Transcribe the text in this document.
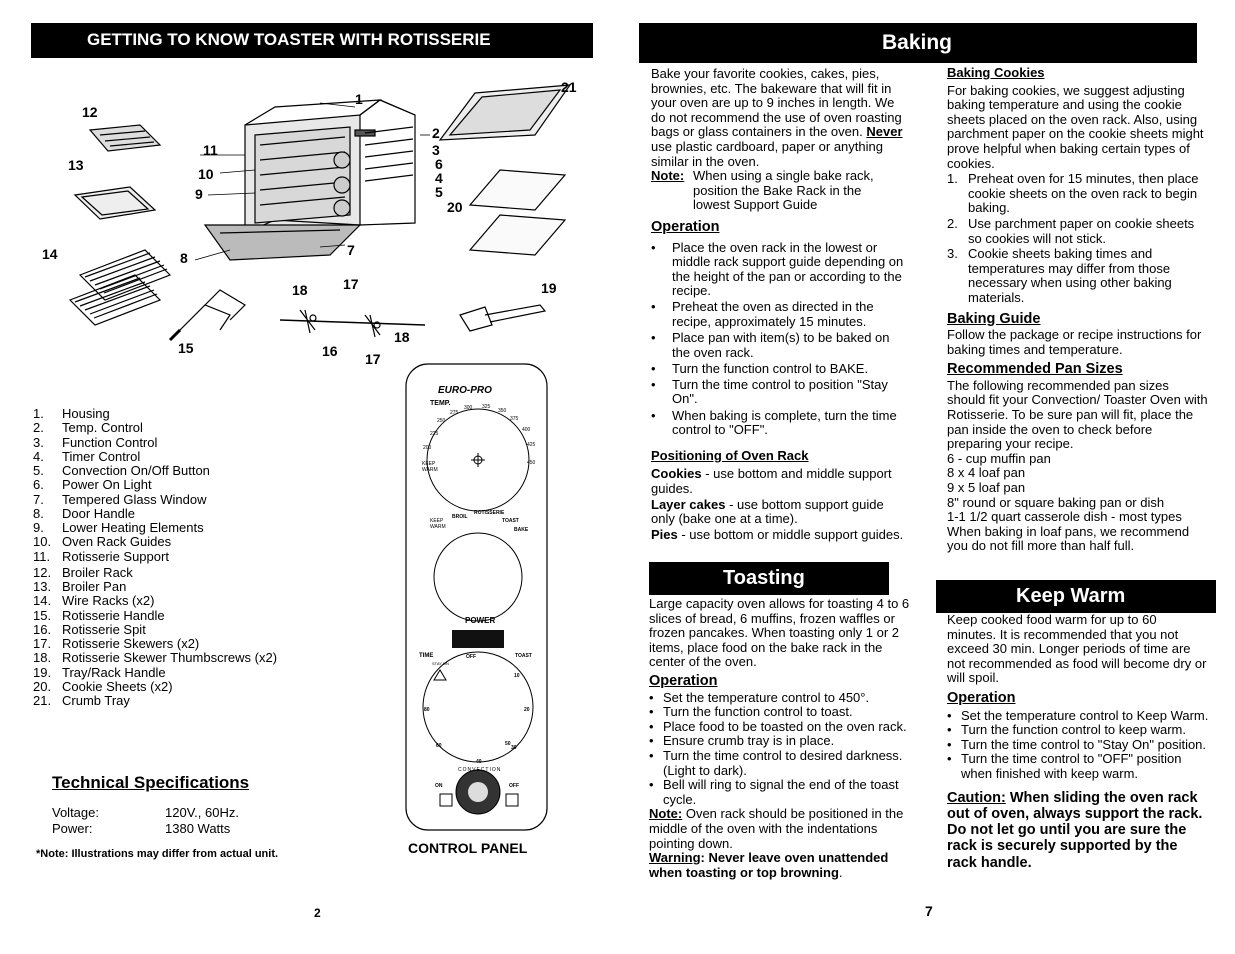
GETTING TO KNOW TOASTER WITH ROTISSERIE
1
2
3
6
4
5
7
8
9
10
11
12
13
14
15	16
17
17
18
18
19
20
21
1. Housing
2. Temp. Control
3. Function Control
4. Timer Control
5. Convection On/Off Button
6. Power On Light
7. Tempered Glass Window
8. Door Handle
9. Lower Heating Elements
10. Oven Rack Guides
11. Rotisserie Support
12. Broiler Rack
13. Broiler Pan
14. Wire Racks (x2)
15. Rotisserie Handle
16. Rotisserie Spit
17. Rotisserie Skewers (x2)
18. Rotisserie Skewer Thumbscrews (x2)
19. Tray/Rack Handle
20. Cookie Sheets (x2)
21. Crumb Tray
Technical Specifications
Voltage:	120V., 60Hz.
Power:	1380 Watts
*Note: Illustrations may differ from actual unit.
EURO-PRO
TEMP.
KEEP WARM
250
275
300 325
350
375
400
425
450
225
200
BROIL
ROTISSERIE
TOAST
BAKE
KEEP WARM
POWER
TIME	OFF	TOAST
STAY ON
10
20
30
40
50
60
80
CONVECTION
ON	OFF
CONTROL PANEL
2
Baking
Bake your favorite cookies, cakes, pies, brownies, etc. The bakeware that will fit in your oven are up to 9 inches in length. We do not recommend the use of oven roasting bags or glass containers in the oven. Never use plastic cardboard, paper or anything similar in the oven.
Note: When using a single bake rack, position the Bake Rack in the lowest Support Guide
Operation
• Place the oven rack in the lowest or middle rack support guide depending on the height of the pan or according to the recipe.
• Preheat the oven as directed in the recipe, approximately 15 minutes.
• Place pan with item(s) to be baked on the oven rack.
• Turn the function control to BAKE.
• Turn the time control to position "Stay On".
• When baking is complete, turn the time control to "OFF".
Positioning of Oven Rack
Cookies - use bottom and middle support guides.
Layer cakes - use bottom support guide only (bake one at a time).
Pies - use bottom or middle support guides.
Toasting
Large capacity oven allows for toasting 4 to 6 slices of bread, 6 muffins, frozen waffles or frozen pancakes. When toasting only 1 or 2 items, place food on the bake rack in the center of the oven.
Operation
• Set the temperature control to 450°.
• Turn the function control to toast.
• Place food to be toasted on the oven rack.
• Ensure crumb tray is in place.
• Turn the time control to desired darkness. (Light to dark).
• Bell will ring to signal the end of the toast cycle.
Note: Oven rack should be positioned in the middle of the oven with the indentations pointing down.
Warning: Never leave oven unattended when toasting or top browning.
Baking Cookies
For baking cookies, we suggest adjusting baking temperature and using the cookie sheets placed on the oven rack. Also, using parchment paper on the cookie sheets might prove helpful when baking certain types of cookies.
1. Preheat oven for 15 minutes, then place cookie sheets on the oven rack to begin baking.
2. Use parchment paper on cookie sheets so cookies will not stick.
3. Cookie sheets baking times and temperatures may differ from those necessary when using other baking materials.
Baking Guide
Follow the package or recipe instructions for baking times and temperature.
Recommended Pan Sizes
The following recommended pan sizes should fit your Convection/ Toaster Oven with Rotisserie. To be sure pan will fit, place the pan inside the oven to check before preparing your recipe.
6 - cup muffin pan
8 x 4 loaf pan
9 x 5 loaf pan
8" round or square baking pan or dish
1-1 1/2 quart casserole dish - most types
When baking in loaf pans, we recommend you do not fill more than half full.
Keep Warm
Keep cooked food warm for up to 60 minutes. It is recommended that you not exceed 30 min. Longer periods of time are not recommended as food will become dry or will spoil.
Operation
• Set the temperature control to Keep Warm.
• Turn the function control to keep warm.
• Turn the time control to "Stay On" position.
• Turn the time control to "OFF" position when finished with keep warm.
Caution: When sliding the oven rack out of oven, always support the rack. Do not let go until you are sure the rack is securely supported by the rack handle.
7
